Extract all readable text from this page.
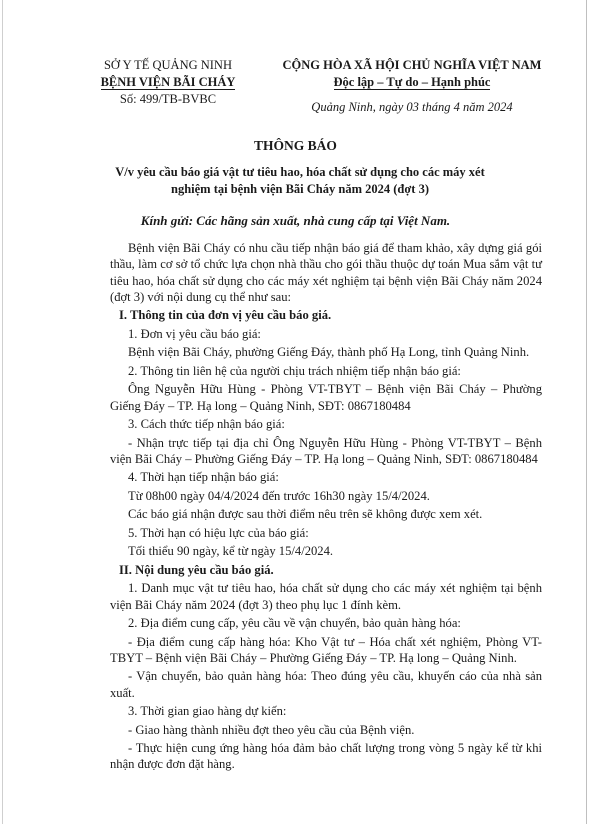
SỞ Y TẾ QUẢNG NINH
BỆNH VIỆN BÃI CHÁY
Số: 499/TB-BVBC
CỘNG HÒA XÃ HỘI CHỦ NGHĨA VIỆT NAM
Độc lập – Tự do – Hạnh phúc
Quảng Ninh, ngày 03 tháng 4 năm 2024
THÔNG BÁO
V/v yêu cầu báo giá vật tư tiêu hao, hóa chất sử dụng cho các máy xét nghiệm tại bệnh viện Bãi Cháy năm 2024 (đợt 3)
Kính gửi: Các hãng sản xuất, nhà cung cấp tại Việt Nam.

Bệnh viện Bãi Cháy có nhu cầu tiếp nhận báo giá để tham khảo, xây dựng giá gói thầu, làm cơ sở tổ chức lựa chọn nhà thầu cho gói thầu thuộc dự toán Mua sắm vật tư tiêu hao, hóa chất sử dụng cho các máy xét nghiệm tại bệnh viện Bãi Cháy năm 2024 (đợt 3) với nội dung cụ thể như sau:

I. Thông tin của đơn vị yêu cầu báo giá.

1. Đơn vị yêu cầu báo giá:

Bệnh viện Bãi Cháy, phường Giếng Đáy, thành phố Hạ Long, tỉnh Quảng Ninh.

2. Thông tin liên hệ của người chịu trách nhiệm tiếp nhận báo giá:

Ông Nguyễn Hữu Hùng - Phòng VT-TBYT – Bệnh viện Bãi Cháy – Phường Giếng Đáy – TP. Hạ long – Quảng Ninh, SĐT: 0867180484

3. Cách thức tiếp nhận báo giá:

- Nhận trực tiếp tại địa chỉ Ông Nguyễn Hữu Hùng - Phòng VT-TBYT – Bệnh viện Bãi Cháy – Phường Giếng Đáy – TP. Hạ long – Quảng Ninh, SĐT: 0867180484

4. Thời hạn tiếp nhận báo giá:

Từ 08h00 ngày 04/4/2024 đến trước 16h30 ngày 15/4/2024.

Các báo giá nhận được sau thời điểm nêu trên sẽ không được xem xét.

5. Thời hạn có hiệu lực của báo giá:

Tối thiểu 90 ngày, kể từ ngày 15/4/2024.

II. Nội dung yêu cầu báo giá.

1. Danh mục vật tư tiêu hao, hóa chất sử dụng cho các máy xét nghiệm tại bệnh viện Bãi Cháy năm 2024 (đợt 3) theo phụ lục 1 đính kèm.

2. Địa điểm cung cấp, yêu cầu về vận chuyển, bảo quản hàng hóa:

- Địa điểm cung cấp hàng hóa: Kho Vật tư – Hóa chất xét nghiệm, Phòng VT-TBYT – Bệnh viện Bãi Cháy – Phường Giếng Đáy – TP. Hạ long – Quảng Ninh.

- Vận chuyển, bảo quản hàng hóa: Theo đúng yêu cầu, khuyến cáo của nhà sản xuất.

3. Thời gian giao hàng dự kiến:

- Giao hàng thành nhiều đợt theo yêu cầu của Bệnh viện.

- Thực hiện cung ứng hàng hóa đảm bảo chất lượng trong vòng 5 ngày kể từ khi nhận được đơn đặt hàng.
